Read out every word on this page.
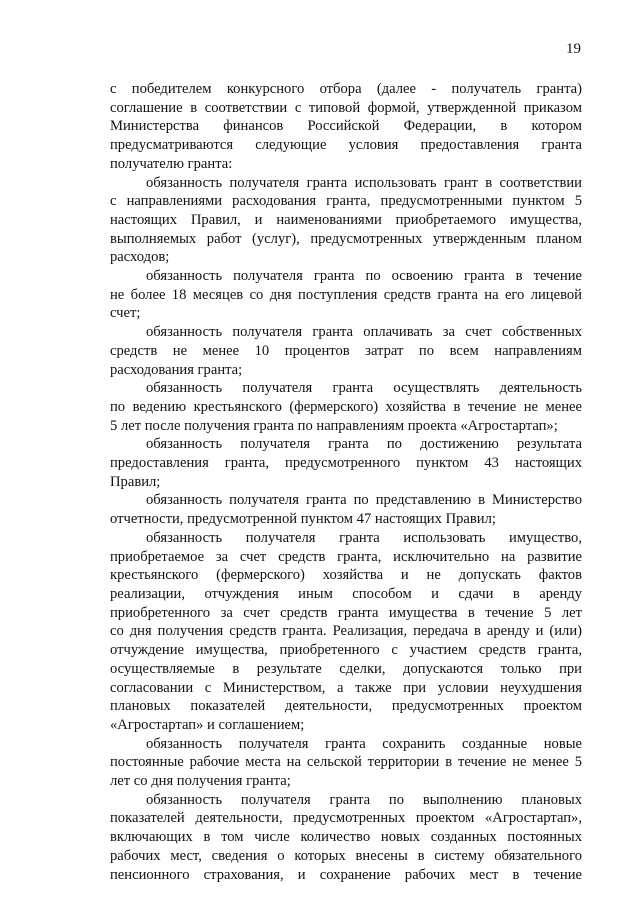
19
с победителем конкурсного отбора (далее - получатель гранта)
соглашение в соответствии с типовой формой, утвержденной приказом
Министерства финансов Российской Федерации, в котором
предусматриваются следующие условия предоставления гранта
получателю гранта:
обязанность получателя гранта использовать грант в соответствии
с направлениями расходования гранта, предусмотренными пунктом 5
настоящих Правил, и наименованиями приобретаемого имущества,
выполняемых работ (услуг), предусмотренных утвержденным планом
расходов;
обязанность получателя гранта по освоению гранта в течение
не более 18 месяцев со дня поступления средств гранта на его лицевой
счет;
обязанность получателя гранта оплачивать за счет собственных
средств не менее 10 процентов затрат по всем направлениям
расходования гранта;
обязанность получателя гранта осуществлять деятельность
по ведению крестьянского (фермерского) хозяйства в течение не менее
5 лет после получения гранта по направлениям проекта «Агростартап»;
обязанность получателя гранта по достижению результата
предоставления гранта, предусмотренного пунктом 43 настоящих
Правил;
обязанность получателя гранта по представлению в Министерство
отчетности, предусмотренной пунктом 47 настоящих Правил;
обязанность получателя гранта использовать имущество,
приобретаемое за счет средств гранта, исключительно на развитие
крестьянского (фермерского) хозяйства и не допускать фактов
реализации, отчуждения иным способом и сдачи в аренду
приобретенного за счет средств гранта имущества в течение 5 лет
со дня получения средств гранта. Реализация, передача в аренду и (или)
отчуждение имущества, приобретенного с участием средств гранта,
осуществляемые в результате сделки, допускаются только при
согласовании с Министерством, а также при условии неухудшения
плановых показателей деятельности, предусмотренных проектом
«Агростартап» и соглашением;
обязанность получателя гранта сохранить созданные новые
постоянные рабочие места на сельской территории в течение не менее 5
лет со дня получения гранта;
обязанность получателя гранта по выполнению плановых
показателей деятельности, предусмотренных проектом «Агростартап»,
включающих в том числе количество новых созданных постоянных
рабочих мест, сведения о которых внесены в систему обязательного
пенсионного страхования, и сохранение рабочих мест в течение
